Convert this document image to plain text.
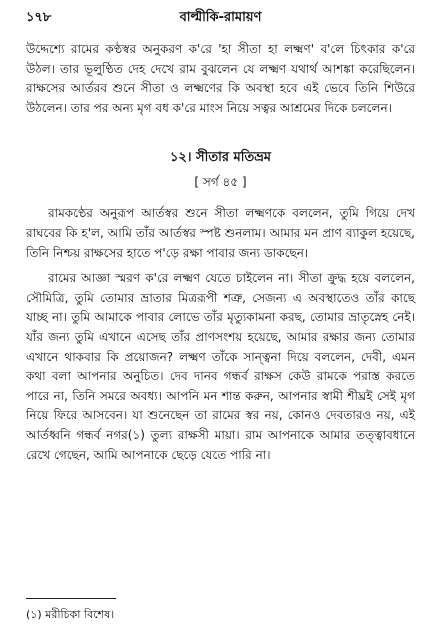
১৭৮	বাল্মীকি-রামায়ণ

উদ্দেশ্যে রামের কণ্ঠস্বর অনুকরণ ক'রে 'হা সীতা হা লক্ষ্মণ' ব'লে চিৎকার ক'রে উঠল। তার ভূলুণ্ঠিত দেহ দেখে রাম বুঝলেন যে লক্ষ্মণ যথার্থ আশঙ্কা করেছিলেন। রাক্ষসের আর্তরব শুনে সীতা ও লক্ষ্মণের কি অবস্থা হবে এই ভেবে তিনি শিউরে উঠলেন। তার পর অন্য মৃগ বধ ক'রে মাংস নিয়ে সত্বর আশ্রমের দিকে চললেন।

১২। সীতার মতিভ্রম
[ সর্গ ৪৫ ]

রামকণ্ঠের অনুরূপ আর্তস্বর শুনে সীতা লক্ষ্মণকে বললেন, তুমি গিয়ে দেখ রাঘবের কি হ'ল, আমি তাঁর আর্তস্বর স্পষ্ট শুনলাম। আমার মন প্রাণ ব্যাকুল হয়েছে, তিনি নিশ্চয় রাক্ষসের হাতে প'ড়ে রক্ষা পাবার জন্য ডাকছেন।

রামের আজ্ঞা স্মরণ ক'রে লক্ষ্মণ যেতে চাইলেন না। সীতা ক্রুদ্ধ হয়ে বললেন, সৌমিত্রি, তুমি তোমার ভ্রাতার মিত্ররূপী শত্রু, সেজন্য এ অবস্থাতেও তাঁর কাছে যাচ্ছ না। তুমি আমাকে পাবার লোভে তাঁর মৃত্যুকামনা করছ, তোমার ভ্রাতৃস্নেহ নেই। যাঁর জন্য তুমি এখানে এসেছ তাঁর প্রাণসংশয় হয়েছে, আমার রক্ষার জন্য তোমার এখানে থাকবার কি প্রয়োজন? লক্ষ্মণ তাঁকে সান্ত্বনা দিয়ে বললেন, দেবী, এমন কথা বলা আপনার অনুচিত। দেব দানব গন্ধর্ব রাক্ষস কেউ রামকে পরাস্ত করতে পারে না, তিনি সমরে অবধ্য। আপনি মন শান্ত করুন, আপনার স্বামী শীঘ্রই সেই মৃগ নিয়ে ফিরে আসবেন। যা শুনেছেন তা রামের স্বর নয়, কোনও দেবতারও নয়, এই আর্তধ্বনি গন্ধর্ব নগর(১) তুল্য রাক্ষসী মায়া। রাম আপনাকে আমার তত্ত্বাবধানে রেখে গেছেন, আমি আপনাকে ছেড়ে যেতে পারি না।

(১) মরীচিকা বিশেষ।
